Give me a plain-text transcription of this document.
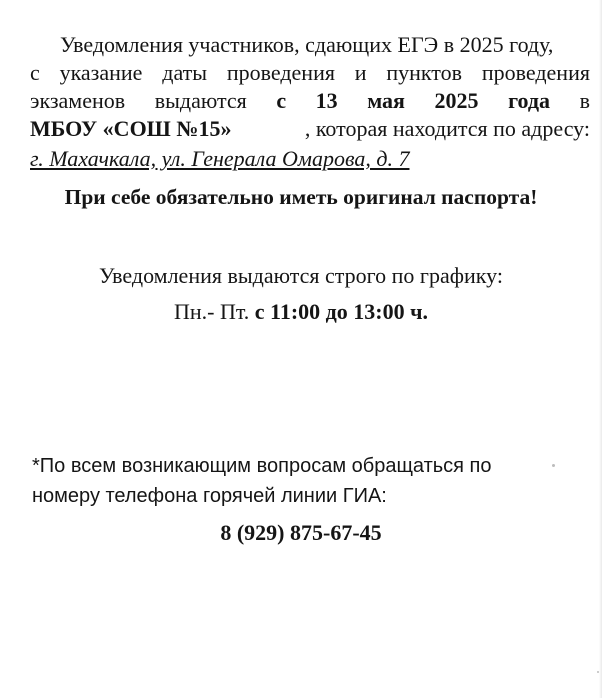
Уведомления участников, сдающих ЕГЭ в 2025 году,
с указание даты проведения и пунктов проведения
экзаменов выдаются с 13 мая 2025 года в
МБОУ «СОШ №15»	, которая находится по адресу:
г. Махачкала, ул. Генерала Омарова, д. 7
При себе обязательно иметь оригинал паспорта!
Уведомления выдаются строго по графику:
Пн.- Пт. с 11:00 до 13:00 ч.
*По всем возникающим вопросам обращаться по
номеру телефона горячей линии ГИА:
8 (929) 875-67-45
